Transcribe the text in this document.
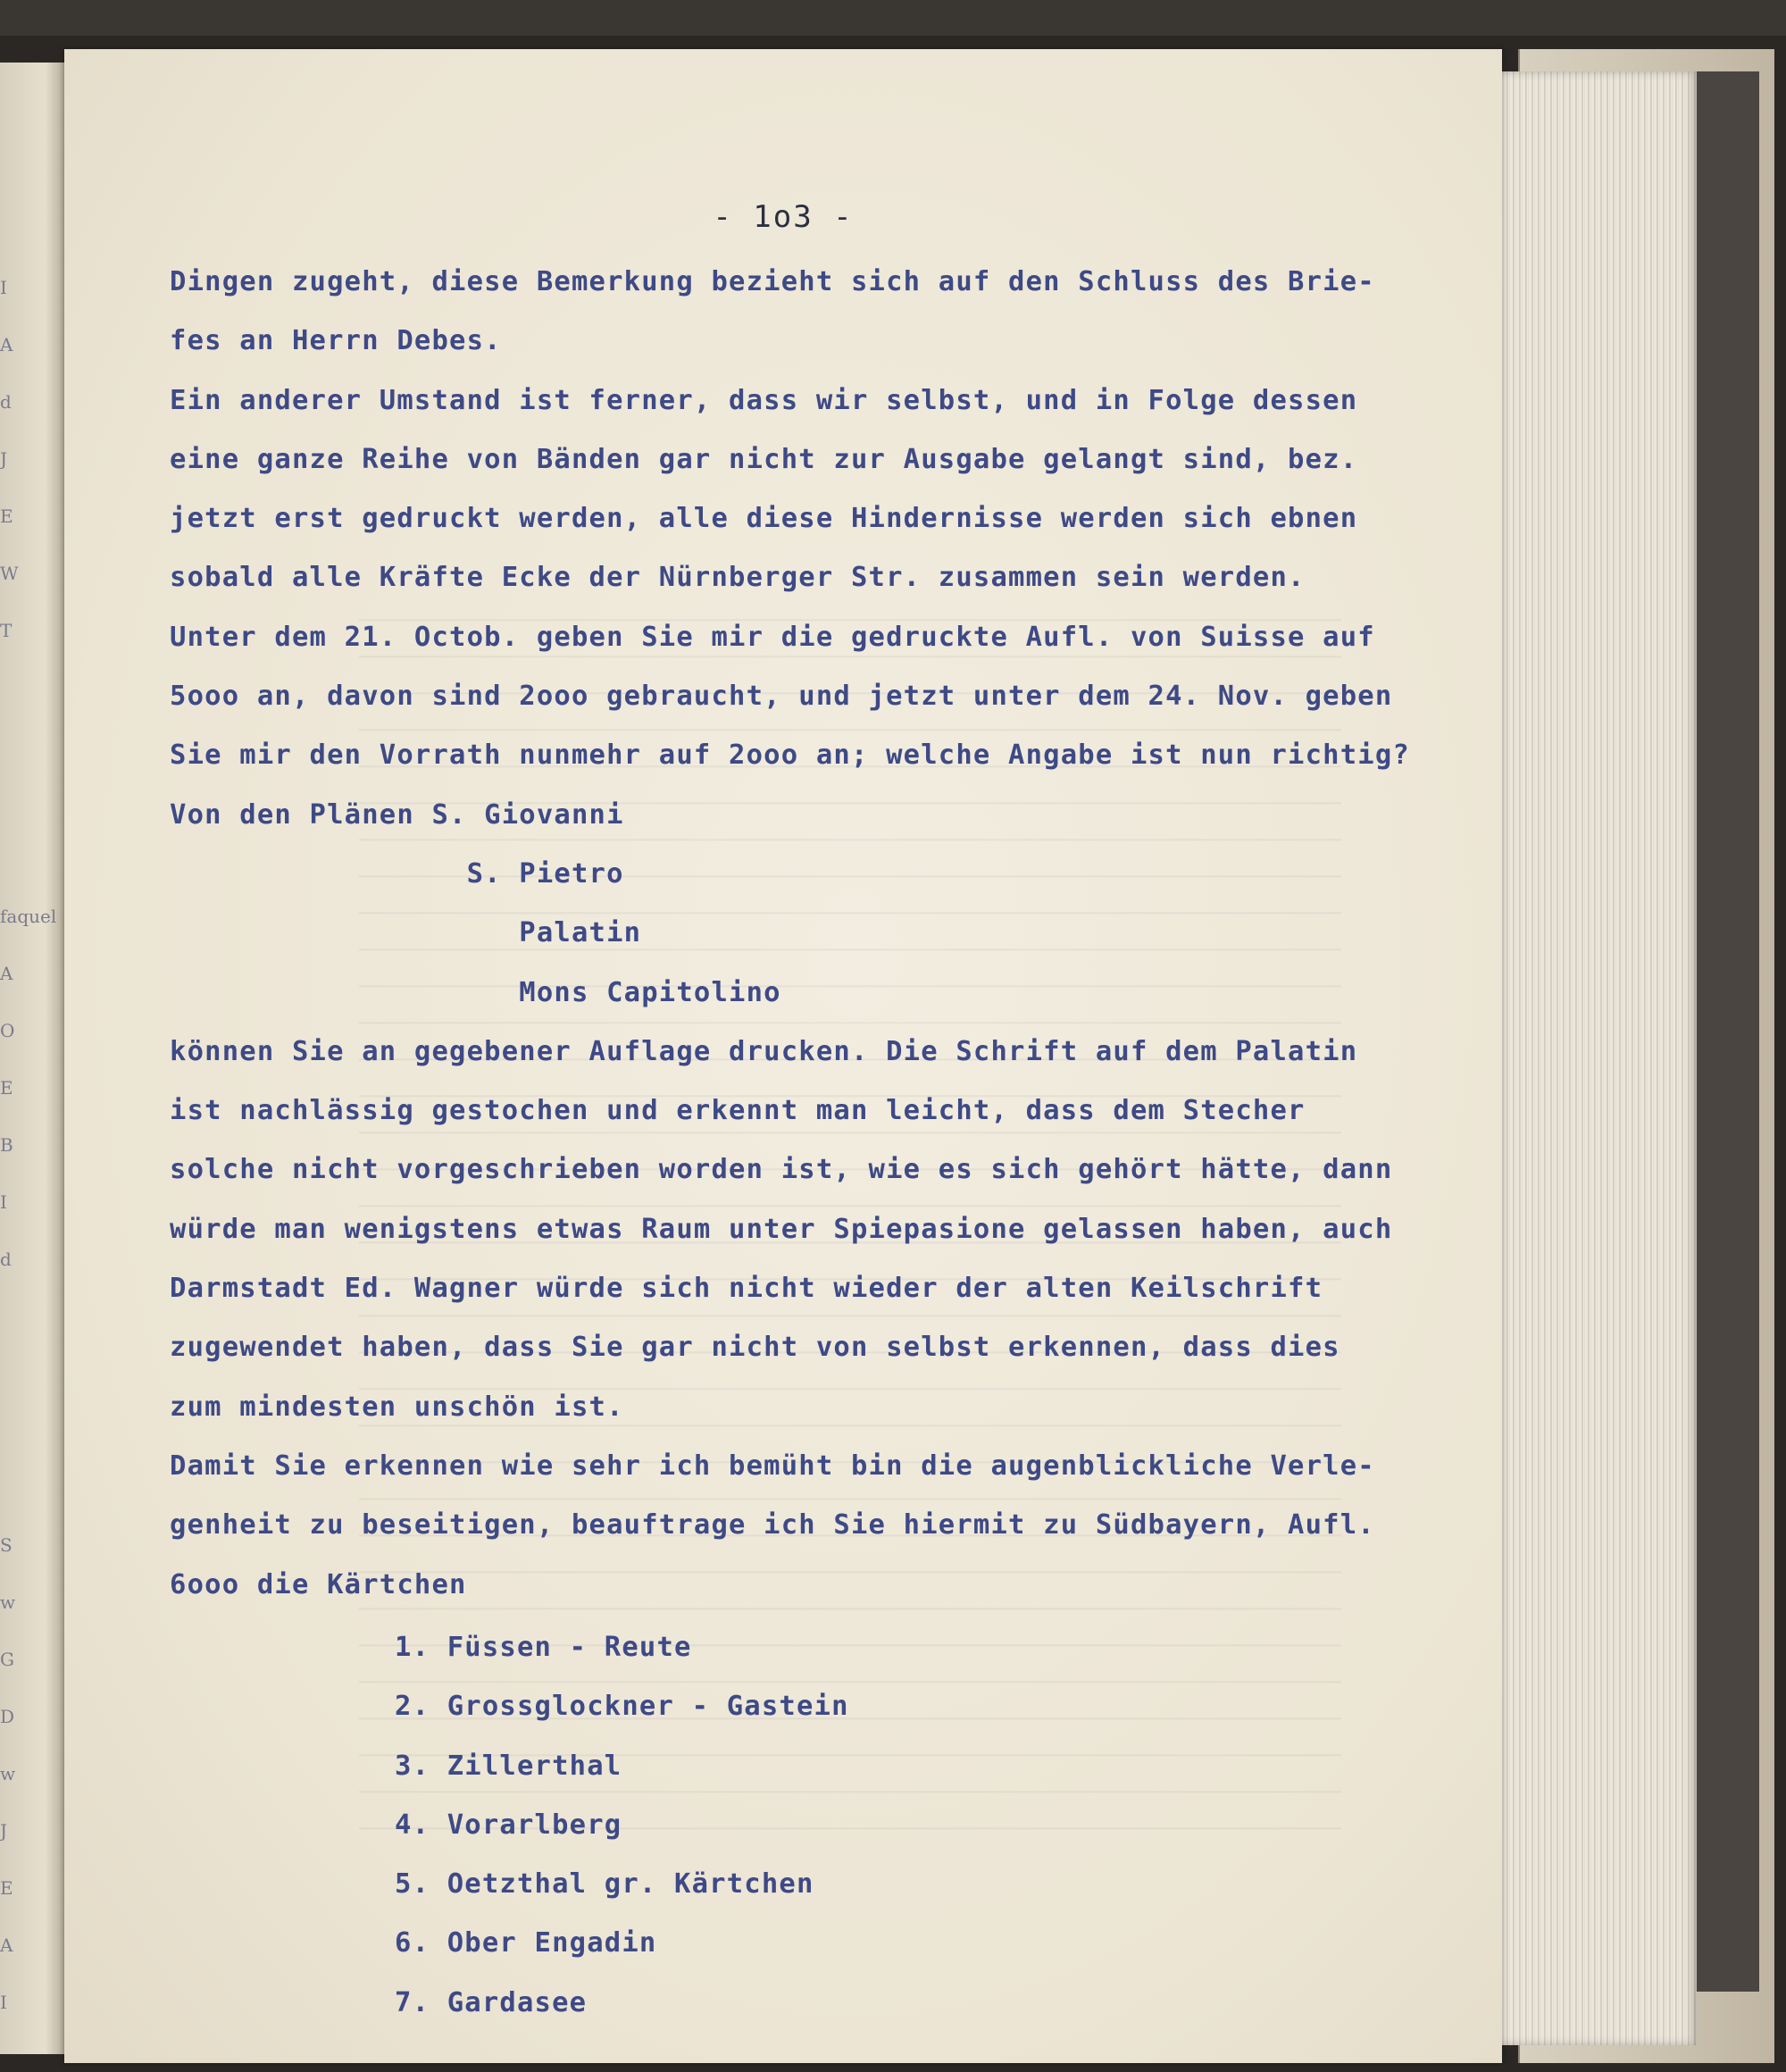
I
A
d
J
E
W
T
faquel
A
O
E
B
I
d
S
w
G
D
w
J
E
A
I
- 1o3 -
Dingen zugeht, diese Bemerkung bezieht sich auf den Schluss des Brie-
fes an Herrn Debes.
Ein anderer Umstand ist ferner, dass wir selbst, und in Folge dessen
eine ganze Reihe von Bänden gar nicht zur Ausgabe gelangt sind, bez.
jetzt erst gedruckt werden, alle diese Hindernisse werden sich ebnen
sobald alle Kräfte Ecke der Nürnberger Str. zusammen sein werden.
Unter dem 21. Octob. geben Sie mir die gedruckte Aufl. von Suisse auf
5ooo an, davon sind 2ooo gebraucht, und jetzt unter dem 24. Nov. geben
Sie mir den Vorrath nunmehr auf 2ooo an; welche Angabe ist nun richtig?
Von den Plänen S. Giovanni
S. Pietro
Palatin
Mons Capitolino
können Sie an gegebener Auflage drucken. Die Schrift auf dem Palatin
ist nachlässig gestochen und erkennt man leicht, dass dem Stecher
solche nicht vorgeschrieben worden ist, wie es sich gehört hätte, dann
würde man wenigstens etwas Raum unter Spiepasione gelassen haben, auch
Darmstadt Ed. Wagner würde sich nicht wieder der alten Keilschrift
zugewendet haben, dass Sie gar nicht von selbst erkennen, dass dies
zum mindesten unschön ist.
Damit Sie erkennen wie sehr ich bemüht bin die augenblickliche Verle-
genheit zu beseitigen, beauftrage ich Sie hiermit zu Südbayern, Aufl.
6ooo die Kärtchen
1. Füssen - Reute
2. Grossglockner - Gastein
3. Zillerthal
4. Vorarlberg
5. Oetzthal gr. Kärtchen
6. Ober Engadin
7. Gardasee
